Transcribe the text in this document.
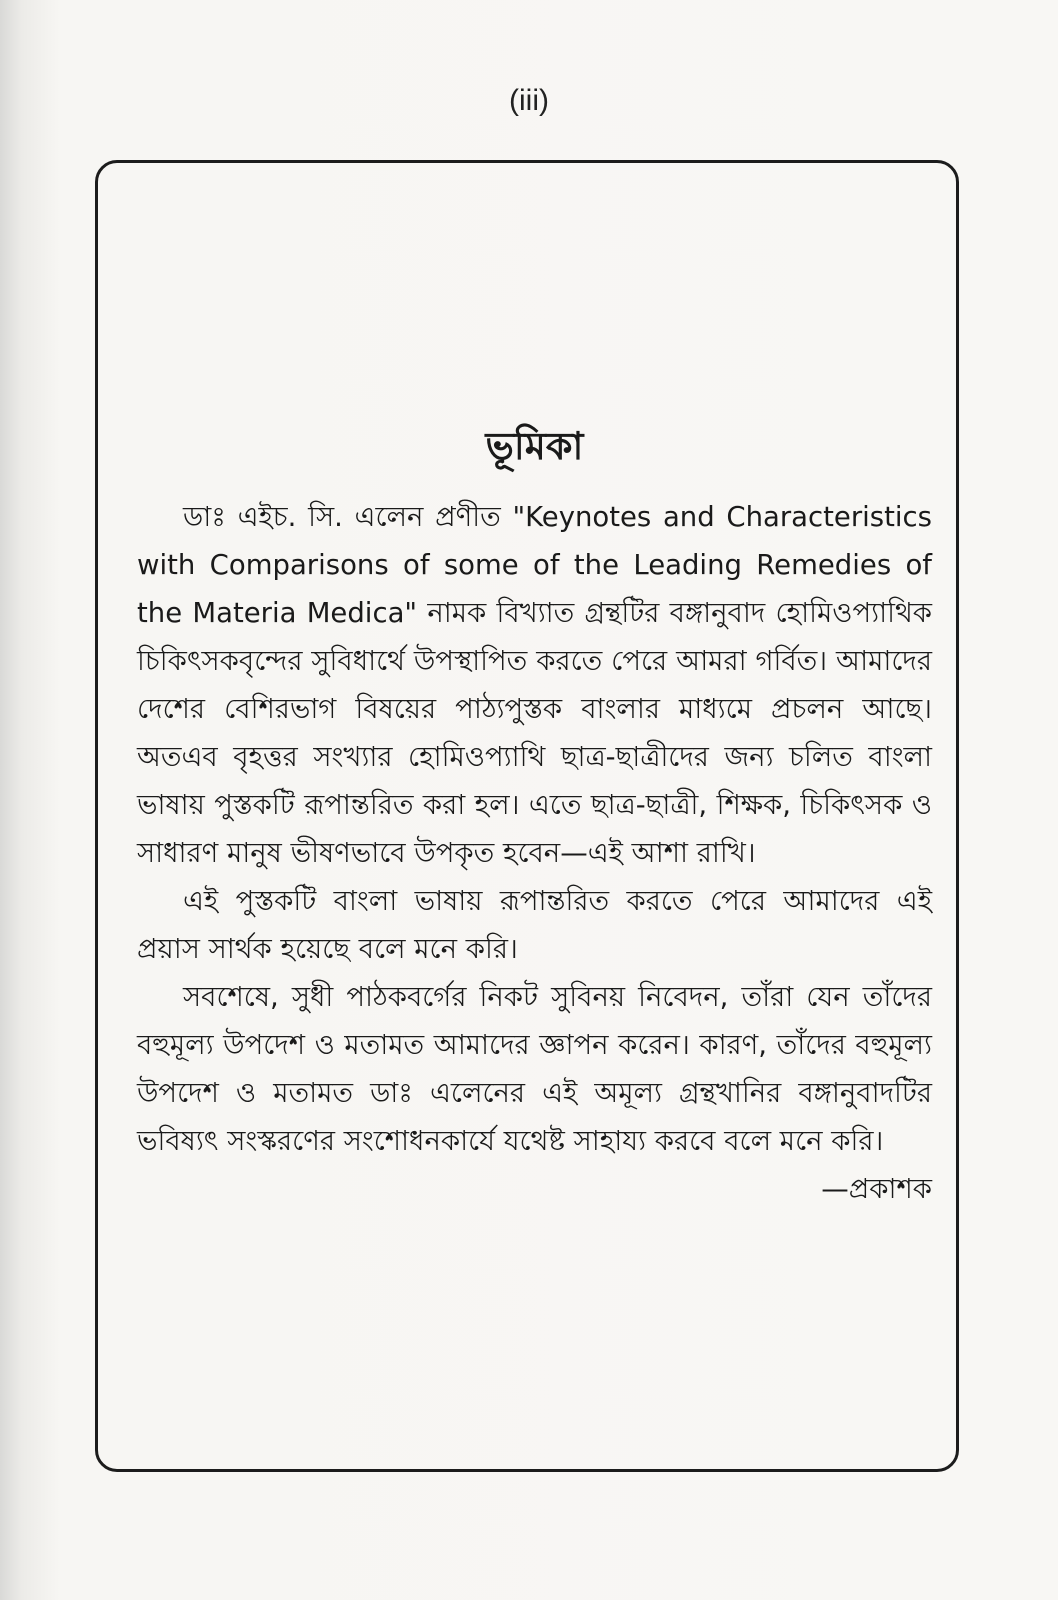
(iii)
ভূমিকা

ডাঃ এইচ. সি. এলেন প্রণীত "Keynotes and Characteristics with Comparisons of some of the Leading Remedies of the Materia Medica" নামক বিখ্যাত গ্রন্থটির বঙ্গানুবাদ হোমিওপ্যাথিক চিকিৎসকবৃন্দের সুবিধার্থে উপস্থাপিত করতে পেরে আমরা গর্বিত। আমাদের দেশের বেশিরভাগ বিষয়ের পাঠ্যপুস্তক বাংলার মাধ্যমে প্রচলন আছে। অতএব বৃহত্তর সংখ্যার হোমিওপ্যাথি ছাত্র-ছাত্রীদের জন্য চলিত বাংলা ভাষায় পুস্তকটি রূপান্তরিত করা হল। এতে ছাত্র-ছাত্রী, শিক্ষক, চিকিৎসক ও সাধারণ মানুষ ভীষণভাবে উপকৃত হবেন—এই আশা রাখি।

এই পুস্তকটি বাংলা ভাষায় রূপান্তরিত করতে পেরে আমাদের এই প্রয়াস সার্থক হয়েছে বলে মনে করি।

সবশেষে, সুধী পাঠকবর্গের নিকট সুবিনয় নিবেদন, তাঁরা যেন তাঁদের বহুমূল্য উপদেশ ও মতামত আমাদের জ্ঞাপন করেন। কারণ, তাঁদের বহুমূল্য উপদেশ ও মতামত ডাঃ এলেনের এই অমূল্য গ্রন্থখানির বঙ্গানুবাদটির ভবিষ্যৎ সংস্করণের সংশোধনকার্যে যথেষ্ট সাহায্য করবে বলে মনে করি।

—প্রকাশক
